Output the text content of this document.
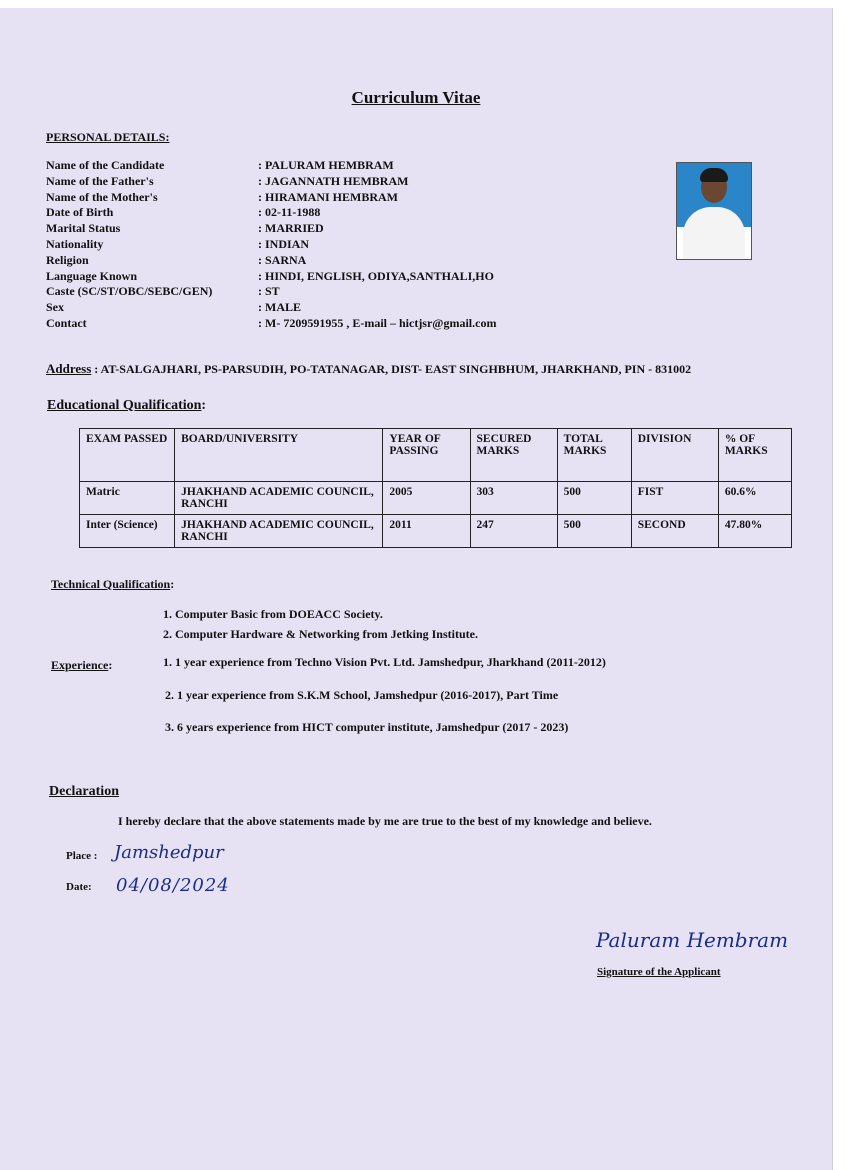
Curriculum Vitae
PERSONAL DETAILS:
Name of the Candidate	: PALURAM HEMBRAM
Name of the Father's	: JAGANNATH HEMBRAM
Name of the Mother's	: HIRAMANI HEMBRAM
Date of Birth	: 02-11-1988
Marital Status	: MARRIED
Nationality	: INDIAN
Religion	: SARNA
Language Known	: HINDI, ENGLISH, ODIYA,SANTHALI,HO
Caste (SC/ST/OBC/SEBC/GEN)	: ST
Sex	: MALE
Contact	: M- 7209591955 , E-mail – hictjsr@gmail.com
Address : AT-SALGAJHARI, PS-PARSUDIH, PO-TATANAGAR, DIST- EAST SINGHBHUM, JHARKHAND, PIN - 831002
Educational Qualification:
EXAM PASSED	BOARD/UNIVERSITY	YEAR OF PASSING	SECURED MARKS	TOTAL MARKS	DIVISION	% OF MARKS
Matric	JHAKHAND ACADEMIC COUNCIL, RANCHI	2005	303	500	FIST	60.6%
Inter (Science)	JHAKHAND ACADEMIC COUNCIL, RANCHI	2011	247	500	SECOND	47.80%
Technical Qualification:
1. Computer Basic from DOEACC Society.
2. Computer Hardware & Networking from Jetking Institute.
Experience:	1. 1 year experience from Techno Vision Pvt. Ltd. Jamshedpur, Jharkhand (2011-2012)
2. 1 year experience from S.K.M School, Jamshedpur (2016-2017), Part Time
3. 6 years experience from HICT computer institute, Jamshedpur (2017 - 2023)
Declaration
I hereby declare that the above statements made by me are true to the best of my knowledge and believe.
Place : Jamshedpur
Date: 04/08/2024
Paluram Hembram
Signature of the Applicant
